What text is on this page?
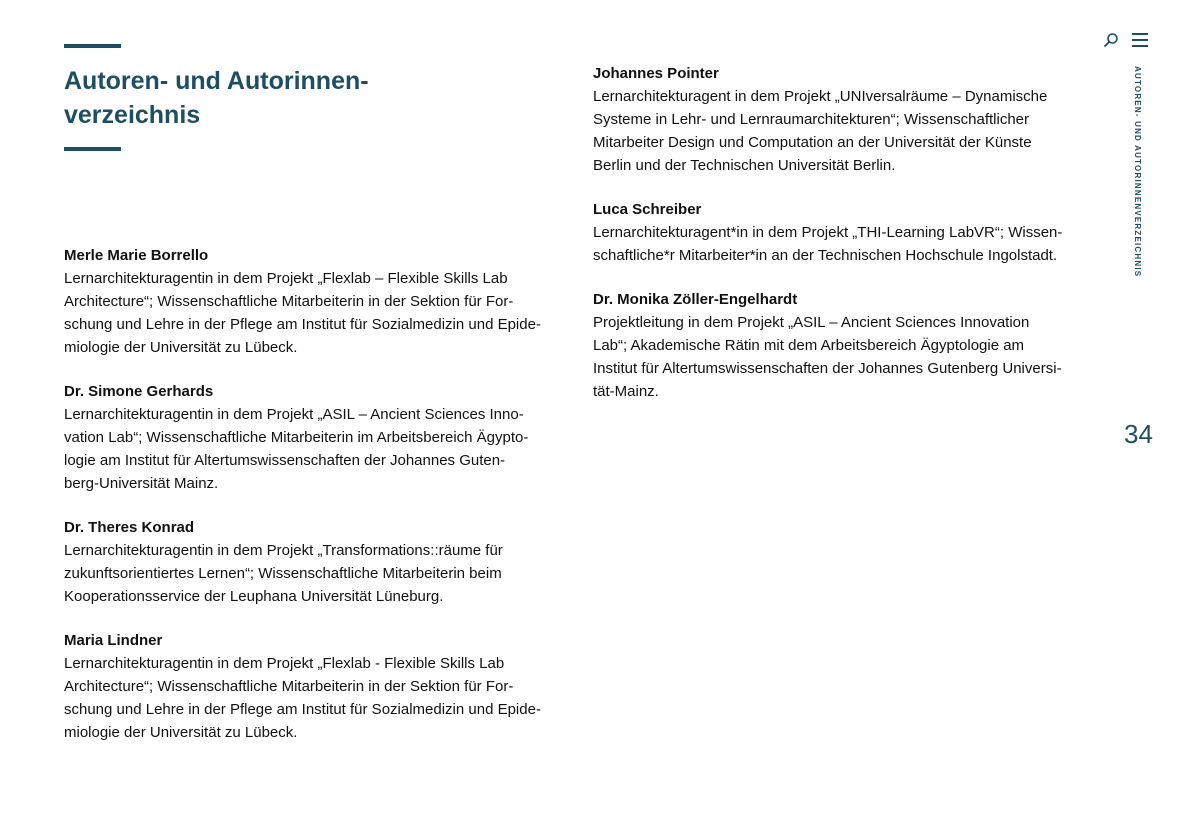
Autoren- und Autorinnen-
verzeichnis
Merle Marie Borrello
Lernarchitekturagentin in dem Projekt „Flexlab – Flexible Skills Lab
Architecture“; Wissenschaftliche Mitarbeiterin in der Sektion für For-
schung und Lehre in der Pflege am Institut für Sozialmedizin und Epide-
miologie der Universität zu Lübeck.
Dr. Simone Gerhards
Lernarchitekturagentin in dem Projekt „ASIL – Ancient Sciences Inno-
vation Lab“; Wissenschaftliche Mitarbeiterin im Arbeitsbereich Ägypto-
logie am Institut für Altertumswissenschaften der Johannes Guten-
berg-Universität Mainz.
Dr. Theres Konrad
Lernarchitekturagentin in dem Projekt „Transformations::räume für
zukunftsorientiertes Lernen“; Wissenschaftliche Mitarbeiterin beim
Kooperationsservice der Leuphana Universität Lüneburg.
Maria Lindner
Lernarchitekturagentin in dem Projekt „Flexlab - Flexible Skills Lab
Architecture“; Wissenschaftliche Mitarbeiterin in der Sektion für For-
schung und Lehre in der Pflege am Institut für Sozialmedizin und Epide-
miologie der Universität zu Lübeck.
Johannes Pointer
Lernarchitekturagent in dem Projekt „UNIversalräume – Dynamische
Systeme in Lehr- und Lernraumarchitekturen“; Wissenschaftlicher
Mitarbeiter Design und Computation an der Universität der Künste
Berlin und der Technischen Universität Berlin.
Luca Schreiber
Lernarchitekturagent*in in dem Projekt „THI-Learning LabVR“; Wissen-
schaftliche*r Mitarbeiter*in an der Technischen Hochschule Ingolstadt.
Dr. Monika Zöller-Engelhardt
Projektleitung in dem Projekt „ASIL – Ancient Sciences Innovation
Lab“; Akademische Rätin mit dem Arbeitsbereich Ägyptologie am
Institut für Altertumswissenschaften der Johannes Gutenberg Universi-
tät-Mainz.
AUTOREN- UND AUTORINNENVERZEICHNIS
34
